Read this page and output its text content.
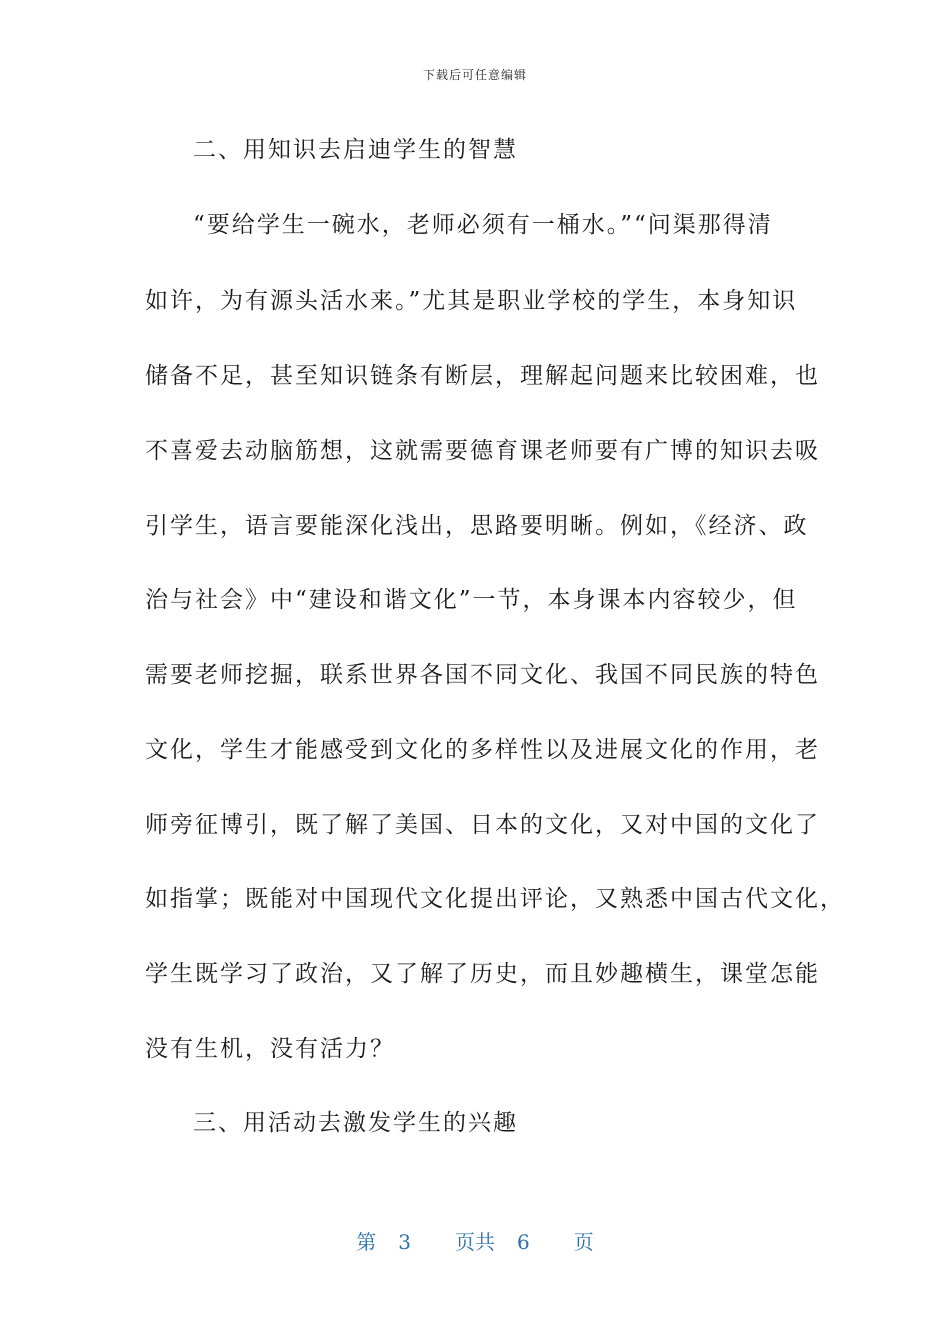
下载后可任意编辑
二、用知识去启迪学生的智慧
“要给学生一碗水，老师必须有一桶水。”“问渠那得清
如许，为有源头活水来。”尤其是职业学校的学生，本身知识
储备不足，甚至知识链条有断层，理解起问题来比较困难，也
不喜爱去动脑筋想，这就需要德育课老师要有广博的知识去吸
引学生，语言要能深化浅出，思路要明晰。例如，《经济、政
治与社会》中“建设和谐文化”一节，本身课本内容较少，但
需要老师挖掘，联系世界各国不同文化、我国不同民族的特色
文化，学生才能感受到文化的多样性以及进展文化的作用，老
师旁征博引，既了解了美国、日本的文化，又对中国的文化了
如指掌；既能对中国现代文化提出评论，又熟悉中国古代文化，
学生既学习了政治，又了解了历史，而且妙趣横生，课堂怎能
没有生机，没有活力？
三、用活动去激发学生的兴趣
第 3 页共 6 页
